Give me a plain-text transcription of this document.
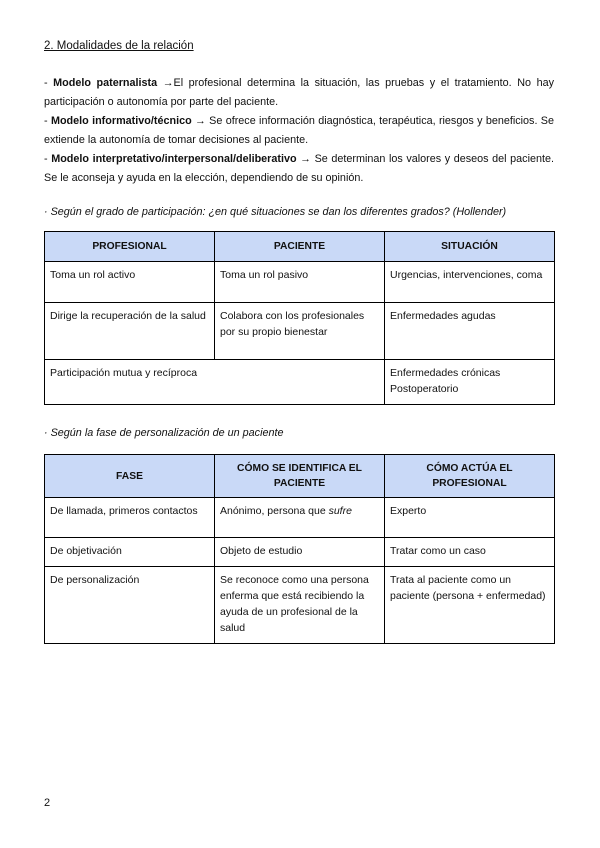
2. Modalidades de la relación

- Modelo paternalista →El profesional determina la situación, las pruebas y el tratamiento. No hay participación o autonomía por parte del paciente.

- Modelo informativo/técnico → Se ofrece información diagnóstica, terapéutica, riesgos y beneficios. Se extiende la autonomía de tomar decisiones al paciente.

- Modelo interpretativo/interpersonal/deliberativo → Se determinan los valores y deseos del paciente. Se le aconseja y ayuda en la elección, dependiendo de su opinión.

· Según el grado de participación: ¿en qué situaciones se dan los diferentes grados? (Hollender)

PROFESIONAL	PACIENTE	SITUACIÓN
Toma un rol activo	Toma un rol pasivo	Urgencias, intervenciones, coma
Dirige la recuperación de la salud	Colabora con los profesionales por su propio bienestar	Enfermedades agudas
Participación mutua y recíproca		Enfermedades crónicas
Postoperatorio

· Según la fase de personalización de un paciente

FASE	CÓMO SE IDENTIFICA EL PACIENTE	CÓMO ACTÚA EL PROFESIONAL
De llamada, primeros contactos	Anónimo, persona que sufre	Experto
De objetivación	Objeto de estudio	Tratar como un caso
De personalización	Se reconoce como una persona enferma que está recibiendo la ayuda de un profesional de la salud	Trata al paciente como un paciente (persona + enfermedad)
2
